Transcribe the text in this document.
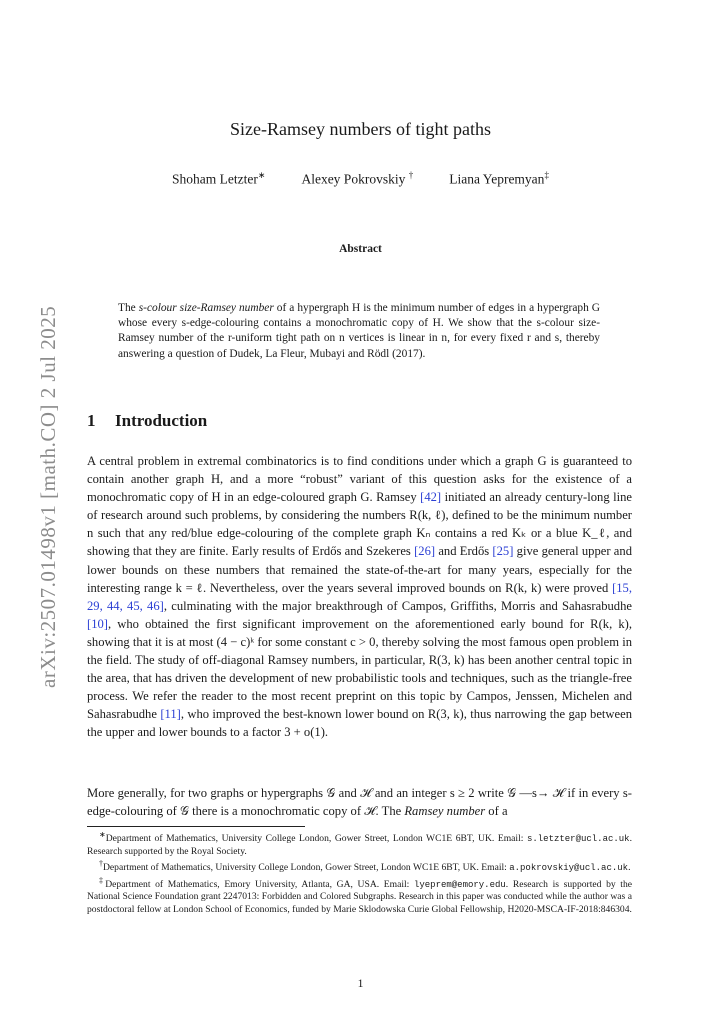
arXiv:2507.01498v1 [math.CO] 2 Jul 2025
Size-Ramsey numbers of tight paths
Shoham Letzter∗	Alexey Pokrovskiy †	Liana Yepremyan‡
Abstract
The s-colour size-Ramsey number of a hypergraph H is the minimum number of edges in a hypergraph G whose every s-edge-colouring contains a monochromatic copy of H. We show that the s-colour size-Ramsey number of the r-uniform tight path on n vertices is linear in n, for every fixed r and s, thereby answering a question of Dudek, La Fleur, Mubayi and Rödl (2017).
1 Introduction
A central problem in extremal combinatorics is to find conditions under which a graph G is guaranteed to contain another graph H, and a more “robust” variant of this question asks for the existence of a monochromatic copy of H in an edge-coloured graph G. Ramsey [42] initiated an already century-long line of research around such problems, by considering the numbers R(k, ℓ), defined to be the minimum number n such that any red/blue edge-colouring of the complete graph Kₙ contains a red Kₖ or a blue K_ℓ, and showing that they are finite. Early results of Erdős and Szekeres [26] and Erdős [25] give general upper and lower bounds on these numbers that remained the state-of-the-art for many years, especially for the interesting range k = ℓ. Nevertheless, over the years several improved bounds on R(k, k) were proved [15, 29, 44, 45, 46], culminating with the major breakthrough of Campos, Griffiths, Morris and Sahasrabudhe [10], who obtained the first significant improvement on the aforementioned early bound for R(k, k), showing that it is at most (4 − c)ᵏ for some constant c > 0, thereby solving the most famous open problem in the field. The study of off-diagonal Ramsey numbers, in particular, R(3, k) has been another central topic in the area, that has driven the development of new probabilistic tools and techniques, such as the triangle-free process. We refer the reader to the most recent preprint on this topic by Campos, Jenssen, Michelen and Sahasrabudhe [11], who improved the best-known lower bound on R(3, k), thus narrowing the gap between the upper and lower bounds to a factor 3 + o(1).
More generally, for two graphs or hypergraphs 𝒢 and ℋ and an integer s ≥ 2 write 𝒢 —s→ ℋ if in every s-edge-colouring of 𝒢 there is a monochromatic copy of ℋ. The Ramsey number of a

∗Department of Mathematics, University College London, Gower Street, London WC1E 6BT, UK. Email: s.letzter@ucl.ac.uk. Research supported by the Royal Society.

†Department of Mathematics, University College London, Gower Street, London WC1E 6BT, UK. Email: a.pokrovskiy@ucl.ac.uk.

‡Department of Mathematics, Emory University, Atlanta, GA, USA. Email: lyeprem@emory.edu. Research is supported by the National Science Foundation grant 2247013: Forbidden and Colored Subgraphs. Research in this paper was conducted while the author was a postdoctoral fellow at London School of Economics, funded by Marie Sklodowska Curie Global Fellowship, H2020-MSCA-IF-2018:846304.

1
